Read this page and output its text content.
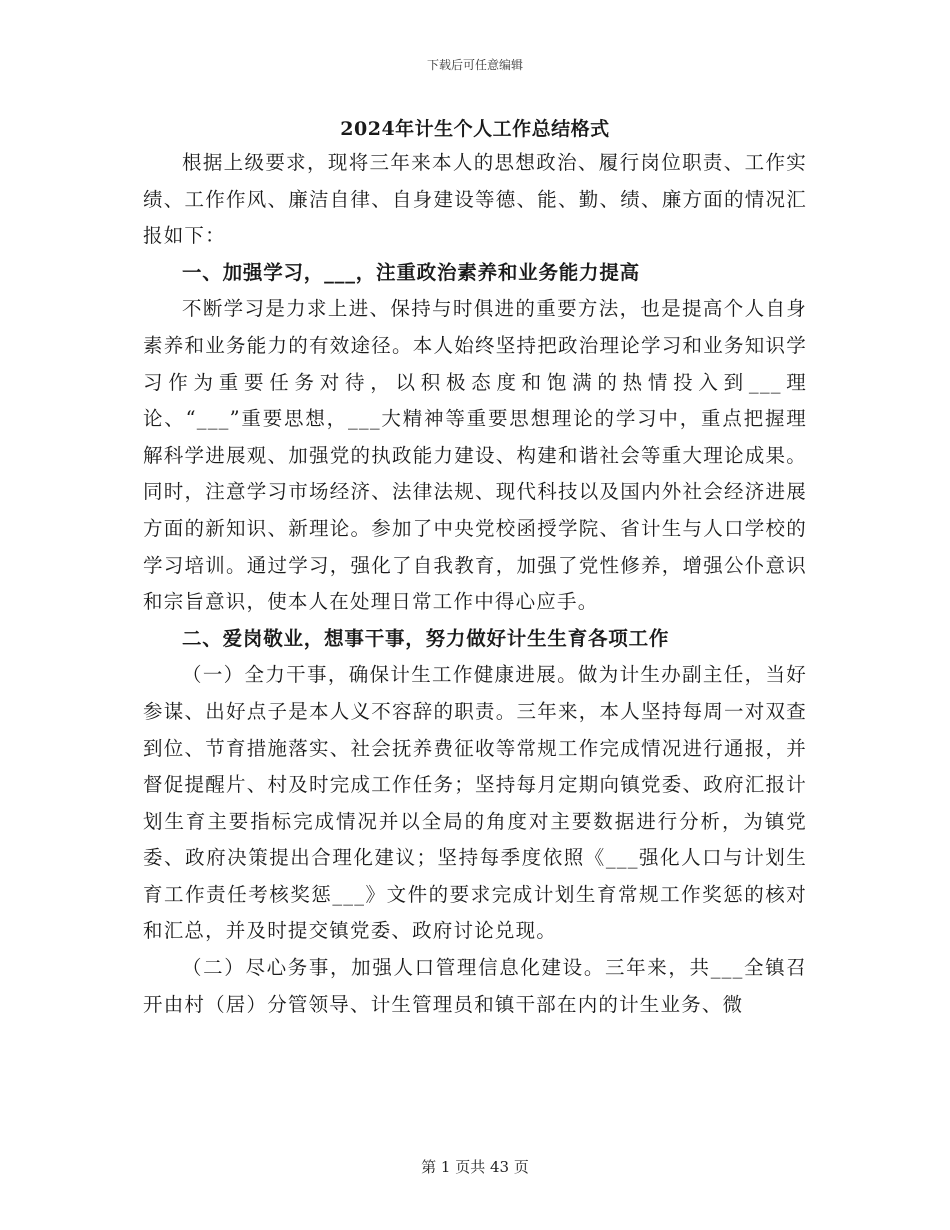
下载后可任意编辑
2024年计生个人工作总结格式

根据上级要求，现将三年来本人的思想政治、履行岗位职责、工作实绩、工作作风、廉洁自律、自身建设等德、能、勤、绩、廉方面的情况汇报如下：

一、加强学习，___，注重政治素养和业务能力提高

不断学习是力求上进、保持与时俱进的重要方法，也是提高个人自身素养和业务能力的有效途径。本人始终坚持把政治理论学习和业务知识学习作为重要任务对待，以积极态度和饱满的热情投入到___理论、“___”重要思想，___大精神等重要思想理论的学习中，重点把握理解科学进展观、加强党的执政能力建设、构建和谐社会等重大理论成果。同时，注意学习市场经济、法律法规、现代科技以及国内外社会经济进展方面的新知识、新理论。参加了中央党校函授学院、省计生与人口学校的学习培训。通过学习，强化了自我教育，加强了党性修养，增强公仆意识和宗旨意识，使本人在处理日常工作中得心应手。

二、爱岗敬业，想事干事，努力做好计生生育各项工作

（一）全力干事，确保计生工作健康进展。做为计生办副主任，当好参谋、出好点子是本人义不容辞的职责。三年来，本人坚持每周一对双查到位、节育措施落实、社会抚养费征收等常规工作完成情况进行通报，并督促提醒片、村及时完成工作任务；坚持每月定期向镇党委、政府汇报计划生育主要指标完成情况并以全局的角度对主要数据进行分析，为镇党委、政府决策提出合理化建议；坚持每季度依照《___强化人口与计划生育工作责任考核奖惩___》文件的要求完成计划生育常规工作奖惩的核对和汇总，并及时提交镇党委、政府讨论兑现。

（二）尽心务事，加强人口管理信息化建设。三年来，共___全镇召开由村（居）分管领导、计生管理员和镇干部在内的计生业务、微

第 1 页共 43 页
